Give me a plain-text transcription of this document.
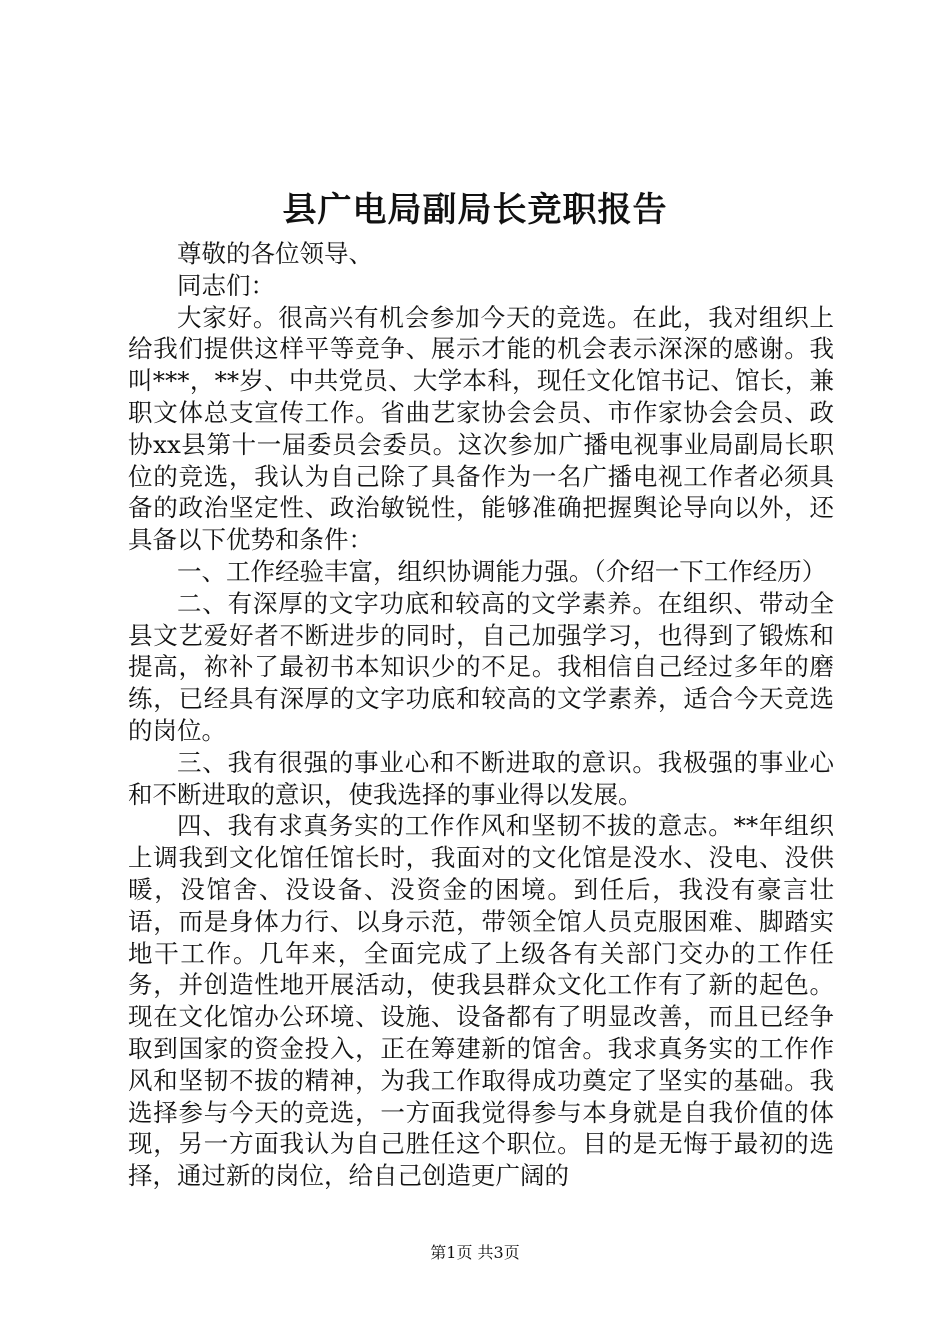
县广电局副局长竞职报告

尊敬的各位领导、

同志们：

大家好。很高兴有机会参加今天的竞选。在此，我对组织上给我们提供这样平等竞争、展示才能的机会表示深深的感谢。我叫***，**岁、中共党员、大学本科，现任文化馆书记、馆长，兼职文体总支宣传工作。省曲艺家协会会员、市作家协会会员、政协xx县第十一届委员会委员。这次参加广播电视事业局副局长职位的竞选，我认为自己除了具备作为一名广播电视工作者必须具备的政治坚定性、政治敏锐性，能够准确把握舆论导向以外，还具备以下优势和条件：

一、工作经验丰富，组织协调能力强。（介绍一下工作经历）

二、有深厚的文字功底和较高的文学素养。在组织、带动全县文艺爱好者不断进步的同时，自己加强学习，也得到了锻炼和提高，祢补了最初书本知识少的不足。我相信自己经过多年的磨练，已经具有深厚的文字功底和较高的文学素养，适合今天竞选的岗位。

三、我有很强的事业心和不断进取的意识。我极强的事业心和不断进取的意识，使我选择的事业得以发展。

四、我有求真务实的工作作风和坚韧不拔的意志。**年组织上调我到文化馆任馆长时，我面对的文化馆是没水、没电、没供暖，没馆舍、没设备、没资金的困境。到任后，我没有豪言壮语，而是身体力行、以身示范，带领全馆人员克服困难、脚踏实地干工作。几年来，全面完成了上级各有关部门交办的工作任务，并创造性地开展活动，使我县群众文化工作有了新的起色。现在文化馆办公环境、设施、设备都有了明显改善，而且已经争取到国家的资金投入，正在筹建新的馆舍。我求真务实的工作作风和坚韧不拔的精神，为我工作取得成功奠定了坚实的基础。我选择参与今天的竞选，一方面我觉得参与本身就是自我价值的体现，另一方面我认为自己胜任这个职位。目的是无悔于最初的选择，通过新的岗位，给自己创造更广阔的

第1页 共3页
